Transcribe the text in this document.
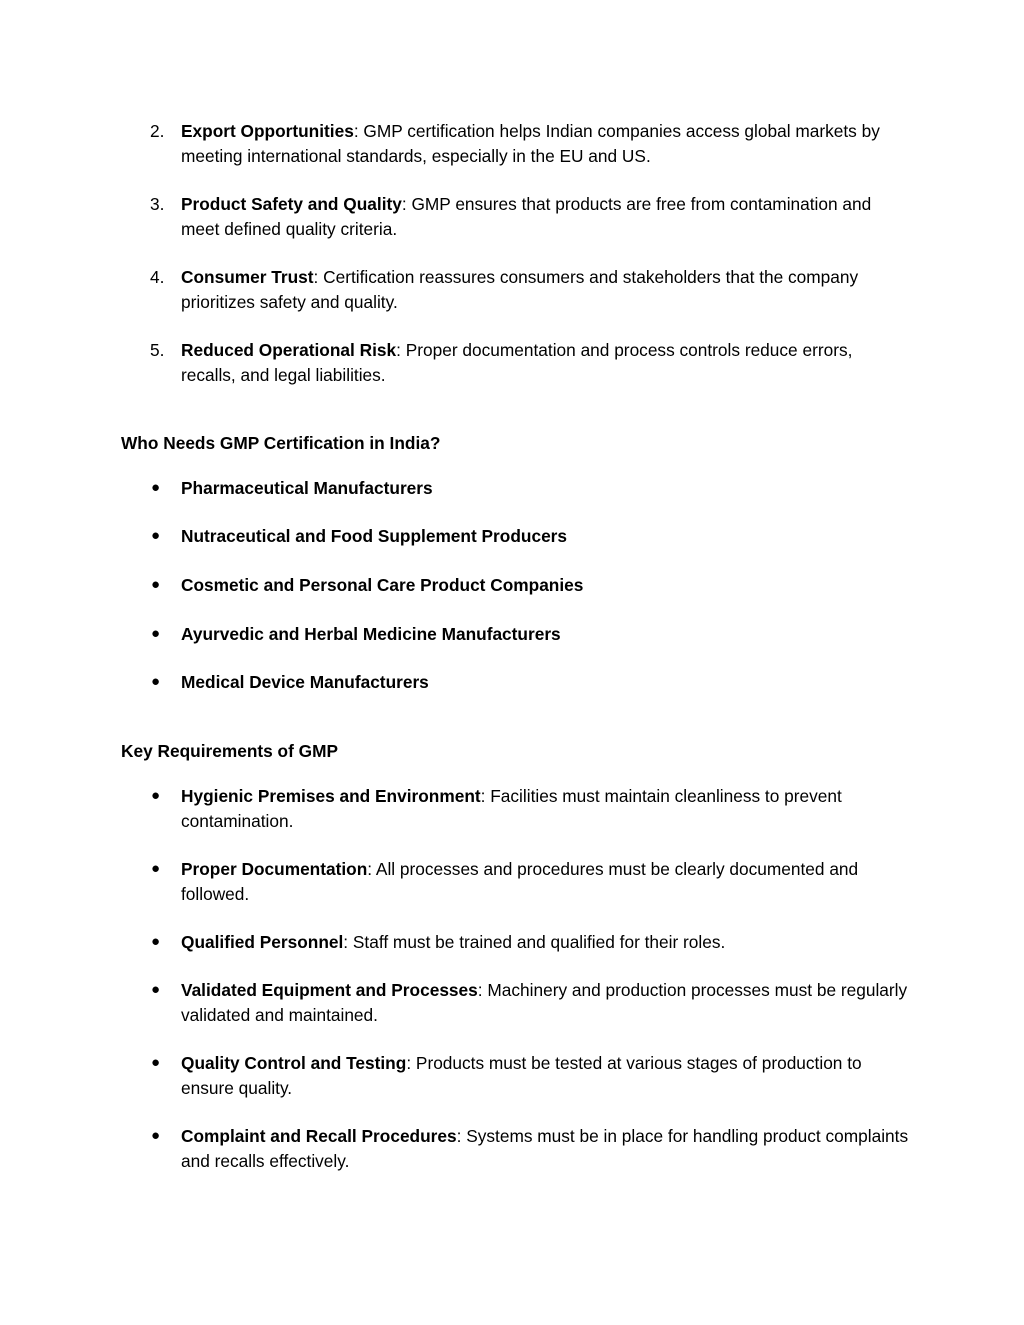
2. Export Opportunities: GMP certification helps Indian companies access global markets by meeting international standards, especially in the EU and US.
3. Product Safety and Quality: GMP ensures that products are free from contamination and meet defined quality criteria.
4. Consumer Trust: Certification reassures consumers and stakeholders that the company prioritizes safety and quality.
5. Reduced Operational Risk: Proper documentation and process controls reduce errors, recalls, and legal liabilities.
Who Needs GMP Certification in India?
●	Pharmaceutical Manufacturers
●	Nutraceutical and Food Supplement Producers
●	Cosmetic and Personal Care Product Companies
●	Ayurvedic and Herbal Medicine Manufacturers
●	Medical Device Manufacturers
Key Requirements of GMP
●	Hygienic Premises and Environment: Facilities must maintain cleanliness to prevent contamination.
●	Proper Documentation: All processes and procedures must be clearly documented and followed.
●	Qualified Personnel: Staff must be trained and qualified for their roles.
●	Validated Equipment and Processes: Machinery and production processes must be regularly validated and maintained.
●	Quality Control and Testing: Products must be tested at various stages of production to ensure quality.
●	Complaint and Recall Procedures: Systems must be in place for handling product complaints and recalls effectively.
